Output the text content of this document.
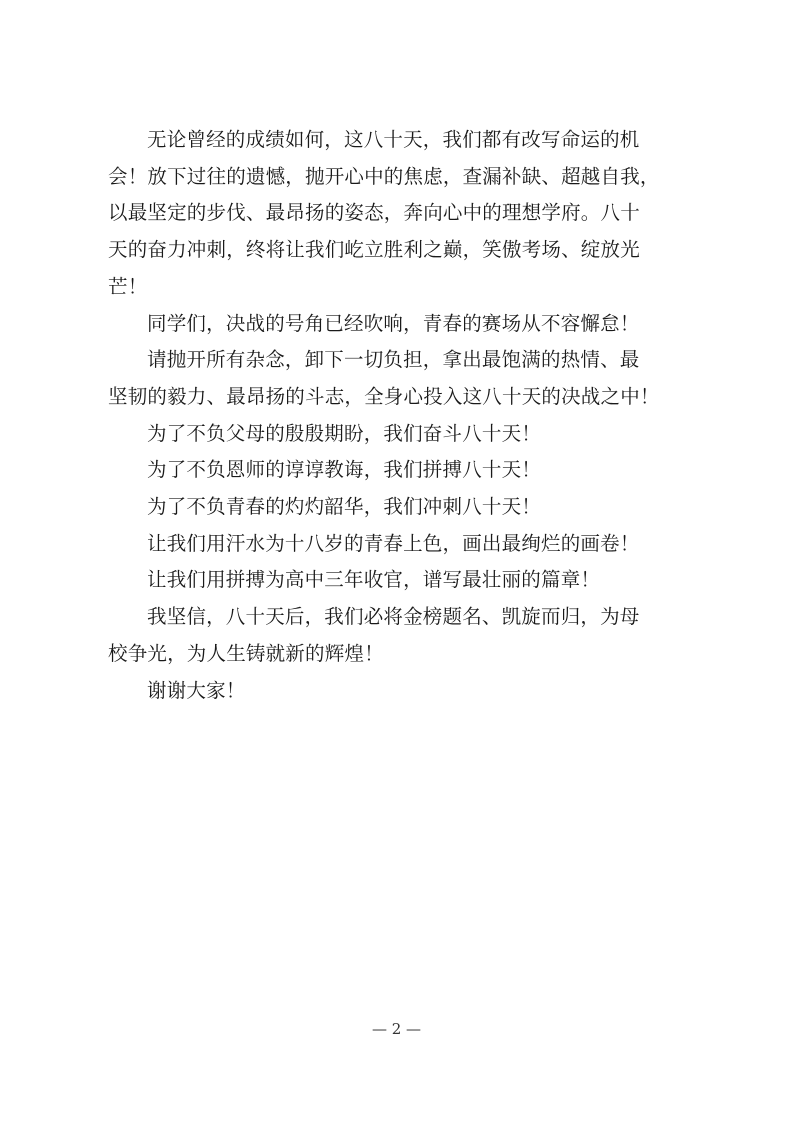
无论曾经的成绩如何，这八十天，我们都有改写命运的机
会！放下过往的遗憾，抛开心中的焦虑，查漏补缺、超越自我，
以最坚定的步伐、最昂扬的姿态，奔向心中的理想学府。八十
天的奋力冲刺，终将让我们屹立胜利之巅，笑傲考场、绽放光
芒！

同学们，决战的号角已经吹响，青春的赛场从不容懈怠！

请抛开所有杂念，卸下一切负担，拿出最饱满的热情、最
坚韧的毅力、最昂扬的斗志，全身心投入这八十天的决战之中！

为了不负父母的殷殷期盼，我们奋斗八十天！

为了不负恩师的谆谆教诲，我们拼搏八十天！

为了不负青春的灼灼韶华，我们冲刺八十天！

让我们用汗水为十八岁的青春上色，画出最绚烂的画卷！

让我们用拼搏为高中三年收官，谱写最壮丽的篇章！

我坚信，八十天后，我们必将金榜题名、凯旋而归，为母
校争光，为人生铸就新的辉煌！

谢谢大家！

— 2 —
